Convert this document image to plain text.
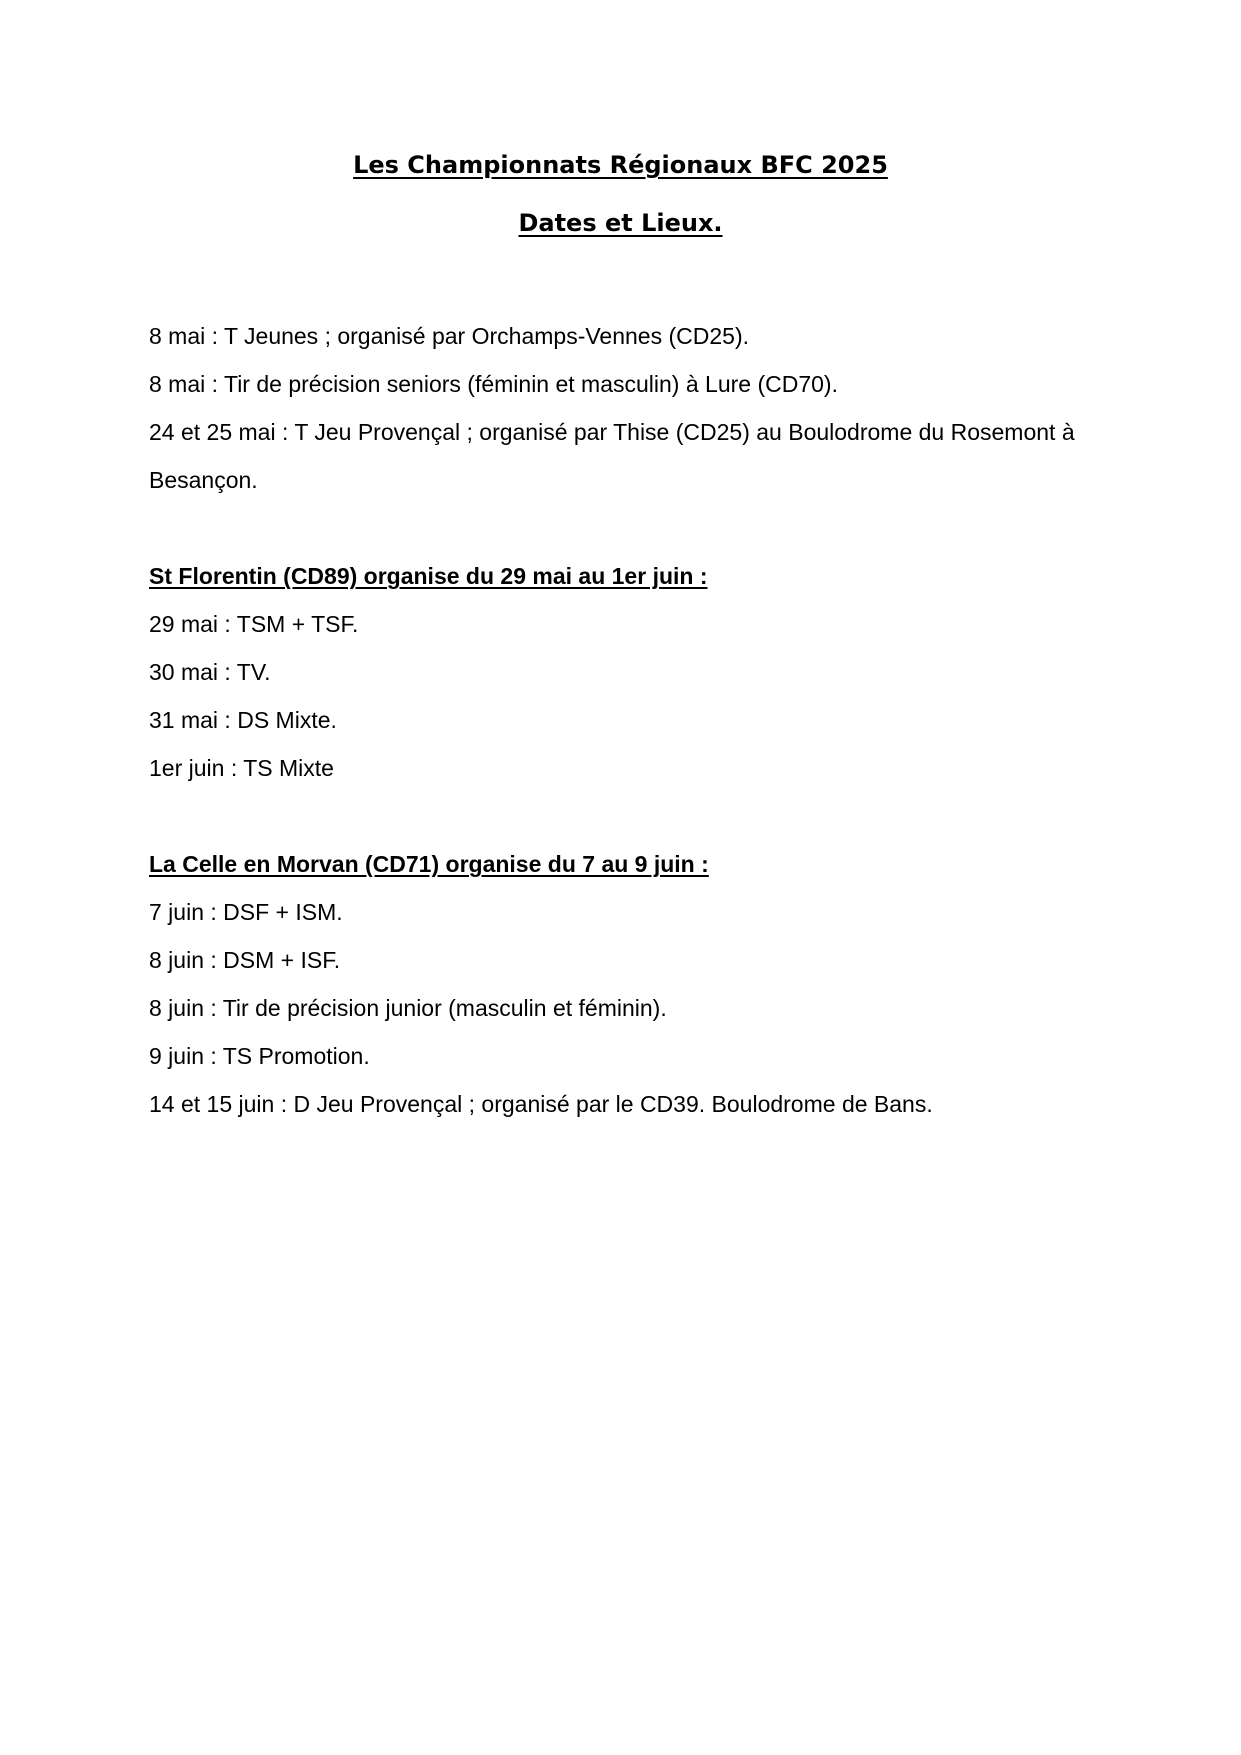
Les Championnats Régionaux BFC 2025
Dates et Lieux.

8 mai : T Jeunes ; organisé par Orchamps-Vennes (CD25).

8 mai : Tir de précision seniors (féminin et masculin) à Lure (CD70).

24 et 25 mai : T Jeu Provençal ; organisé par Thise (CD25) au Boulodrome du Rosemont à Besançon.

St Florentin (CD89) organise du 29 mai au 1er juin :

29 mai : TSM + TSF.

30 mai : TV.

31 mai : DS Mixte.

1er juin : TS Mixte

La Celle en Morvan (CD71) organise du 7 au 9 juin :

7 juin : DSF + ISM.

8 juin : DSM + ISF.

8 juin : Tir de précision junior (masculin et féminin).

9 juin : TS Promotion.

14 et 15 juin : D Jeu Provençal ; organisé par le CD39. Boulodrome de Bans.
